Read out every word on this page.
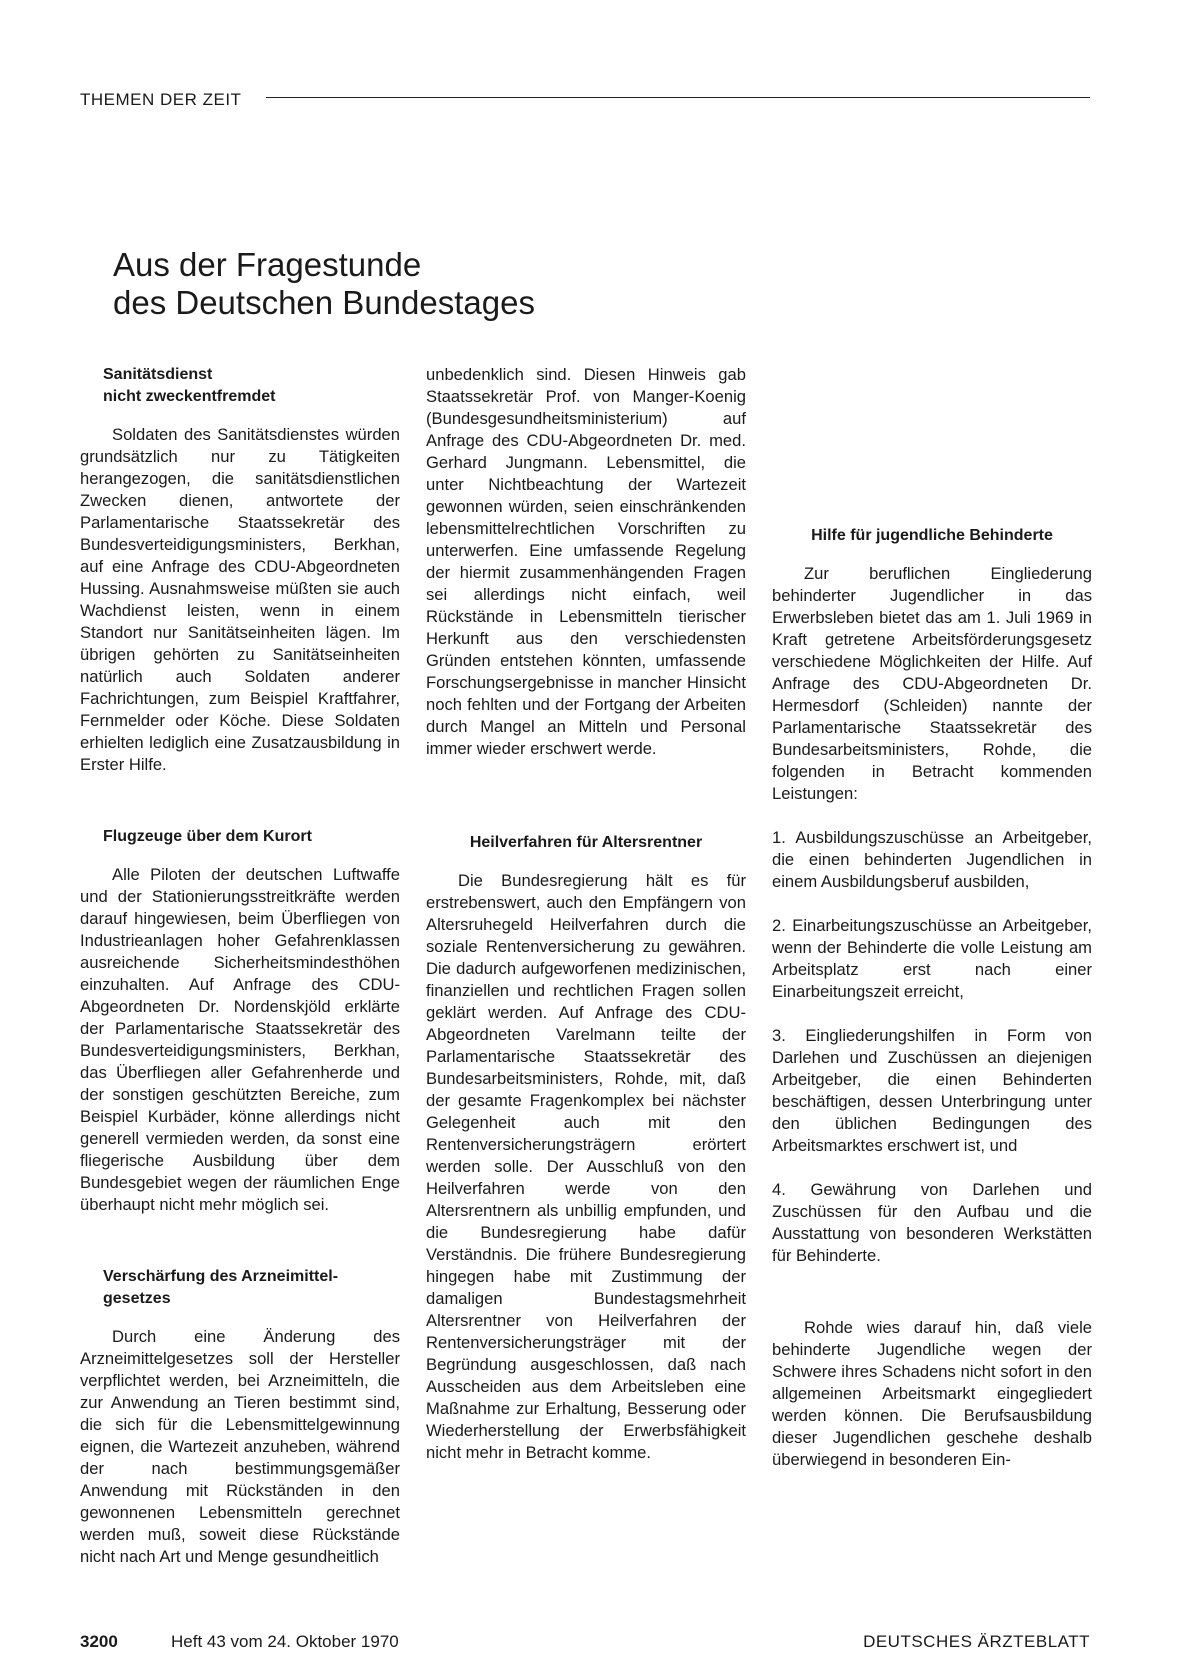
THEMEN DER ZEIT
Aus der Fragestunde
des Deutschen Bundestages
Sanitätsdienst
nicht zweckentfremdet

Soldaten des Sanitätsdienstes würden grundsätzlich nur zu Tätigkeiten herangezogen, die sanitätsdienstlichen Zwecken dienen, antwortete der Parlamentarische Staatssekretär des Bundesverteidigungsministers, Berkhan, auf eine Anfrage des CDU-Abgeordneten Hussing. Ausnahmsweise müßten sie auch Wachdienst leisten, wenn in einem Standort nur Sanitätseinheiten lägen. Im übrigen gehörten zu Sanitätseinheiten natürlich auch Soldaten anderer Fachrichtungen, zum Beispiel Kraftfahrer, Fernmelder oder Köche. Diese Soldaten erhielten lediglich eine Zusatzausbildung in Erster Hilfe.

Flugzeuge über dem Kurort

Alle Piloten der deutschen Luftwaffe und der Stationierungsstreitkräfte werden darauf hingewiesen, beim Überfliegen von Industrieanlagen hoher Gefahrenklassen ausreichende Sicherheitsmindesthöhen einzuhalten. Auf Anfrage des CDU-Abgeordneten Dr. Nordenskjöld erklärte der Parlamentarische Staatssekretär des Bundesverteidigungsministers, Berkhan, das Überfliegen aller Gefahrenherde und der sonstigen geschützten Bereiche, zum Beispiel Kurbäder, könne allerdings nicht generell vermieden werden, da sonst eine fliegerische Ausbildung über dem Bundesgebiet wegen der räumlichen Enge überhaupt nicht mehr möglich sei.

Verschärfung des Arzneimittel-
gesetzes

Durch eine Änderung des Arzneimittelgesetzes soll der Hersteller verpflichtet werden, bei Arzneimitteln, die zur Anwendung an Tieren bestimmt sind, die sich für die Lebensmittelgewinnung eignen, die Wartezeit anzuheben, während der nach bestimmungsgemäßer Anwendung mit Rückständen in den gewonnenen Lebensmitteln gerechnet werden muß, soweit diese Rückstände nicht nach Art und Menge gesundheitlich

unbedenklich sind. Diesen Hinweis gab Staatssekretär Prof. von Manger-Koenig (Bundesgesundheitsministerium) auf Anfrage des CDU-Abgeordneten Dr. med. Gerhard Jungmann. Lebensmittel, die unter Nichtbeachtung der Wartezeit gewonnen würden, seien einschränkenden lebensmittelrechtlichen Vorschriften zu unterwerfen. Eine umfassende Regelung der hiermit zusammenhängenden Fragen sei allerdings nicht einfach, weil Rückstände in Lebensmitteln tierischer Herkunft aus den verschiedensten Gründen entstehen könnten, umfassende Forschungsergebnisse in mancher Hinsicht noch fehlten und der Fortgang der Arbeiten durch Mangel an Mitteln und Personal immer wieder erschwert werde.

Heilverfahren für Altersrentner

Die Bundesregierung hält es für erstrebenswert, auch den Empfängern von Altersruhegeld Heilverfahren durch die soziale Rentenversicherung zu gewähren. Die dadurch aufgeworfenen medizinischen, finanziellen und rechtlichen Fragen sollen geklärt werden. Auf Anfrage des CDU-Abgeordneten Varelmann teilte der Parlamentarische Staatssekretär des Bundesarbeitsministers, Rohde, mit, daß der gesamte Fragenkomplex bei nächster Gelegenheit auch mit den Rentenversicherungsträgern erörtert werden solle. Der Ausschluß von den Heilverfahren werde von den Altersrentnern als unbillig empfunden, und die Bundesregierung habe dafür Verständnis. Die frühere Bundesregierung hingegen habe mit Zustimmung der damaligen Bundestagsmehrheit Altersrentner von Heilverfahren der Rentenversicherungsträger mit der Begründung ausgeschlossen, daß nach Ausscheiden aus dem Arbeitsleben eine Maßnahme zur Erhaltung, Besserung oder Wiederherstellung der Erwerbsfähigkeit nicht mehr in Betracht komme.

Hilfe für jugendliche Behinderte

Zur beruflichen Eingliederung behinderter Jugendlicher in das Erwerbsleben bietet das am 1. Juli 1969 in Kraft getretene Arbeitsförderungsgesetz verschiedene Möglichkeiten der Hilfe. Auf Anfrage des CDU-Abgeordneten Dr. Hermesdorf (Schleiden) nannte der Parlamentarische Staatssekretär des Bundesarbeitsministers, Rohde, die folgenden in Betracht kommenden Leistungen:

1. Ausbildungszuschüsse an Arbeitgeber, die einen behinderten Jugendlichen in einem Ausbildungsberuf ausbilden,

2. Einarbeitungszuschüsse an Arbeitgeber, wenn der Behinderte die volle Leistung am Arbeitsplatz erst nach einer Einarbeitungszeit erreicht,

3. Eingliederungshilfen in Form von Darlehen und Zuschüssen an diejenigen Arbeitgeber, die einen Behinderten beschäftigen, dessen Unterbringung unter den üblichen Bedingungen des Arbeitsmarktes erschwert ist, und

4. Gewährung von Darlehen und Zuschüssen für den Aufbau und die Ausstattung von besonderen Werkstätten für Behinderte.

Rohde wies darauf hin, daß viele behinderte Jugendliche wegen der Schwere ihres Schadens nicht sofort in den allgemeinen Arbeitsmarkt eingegliedert werden können. Die Berufsausbildung dieser Jugendlichen geschehe deshalb überwiegend in besonderen Ein-

3200	Heft 43 vom 24. Oktober 1970	DEUTSCHES ÄRZTEBLATT
